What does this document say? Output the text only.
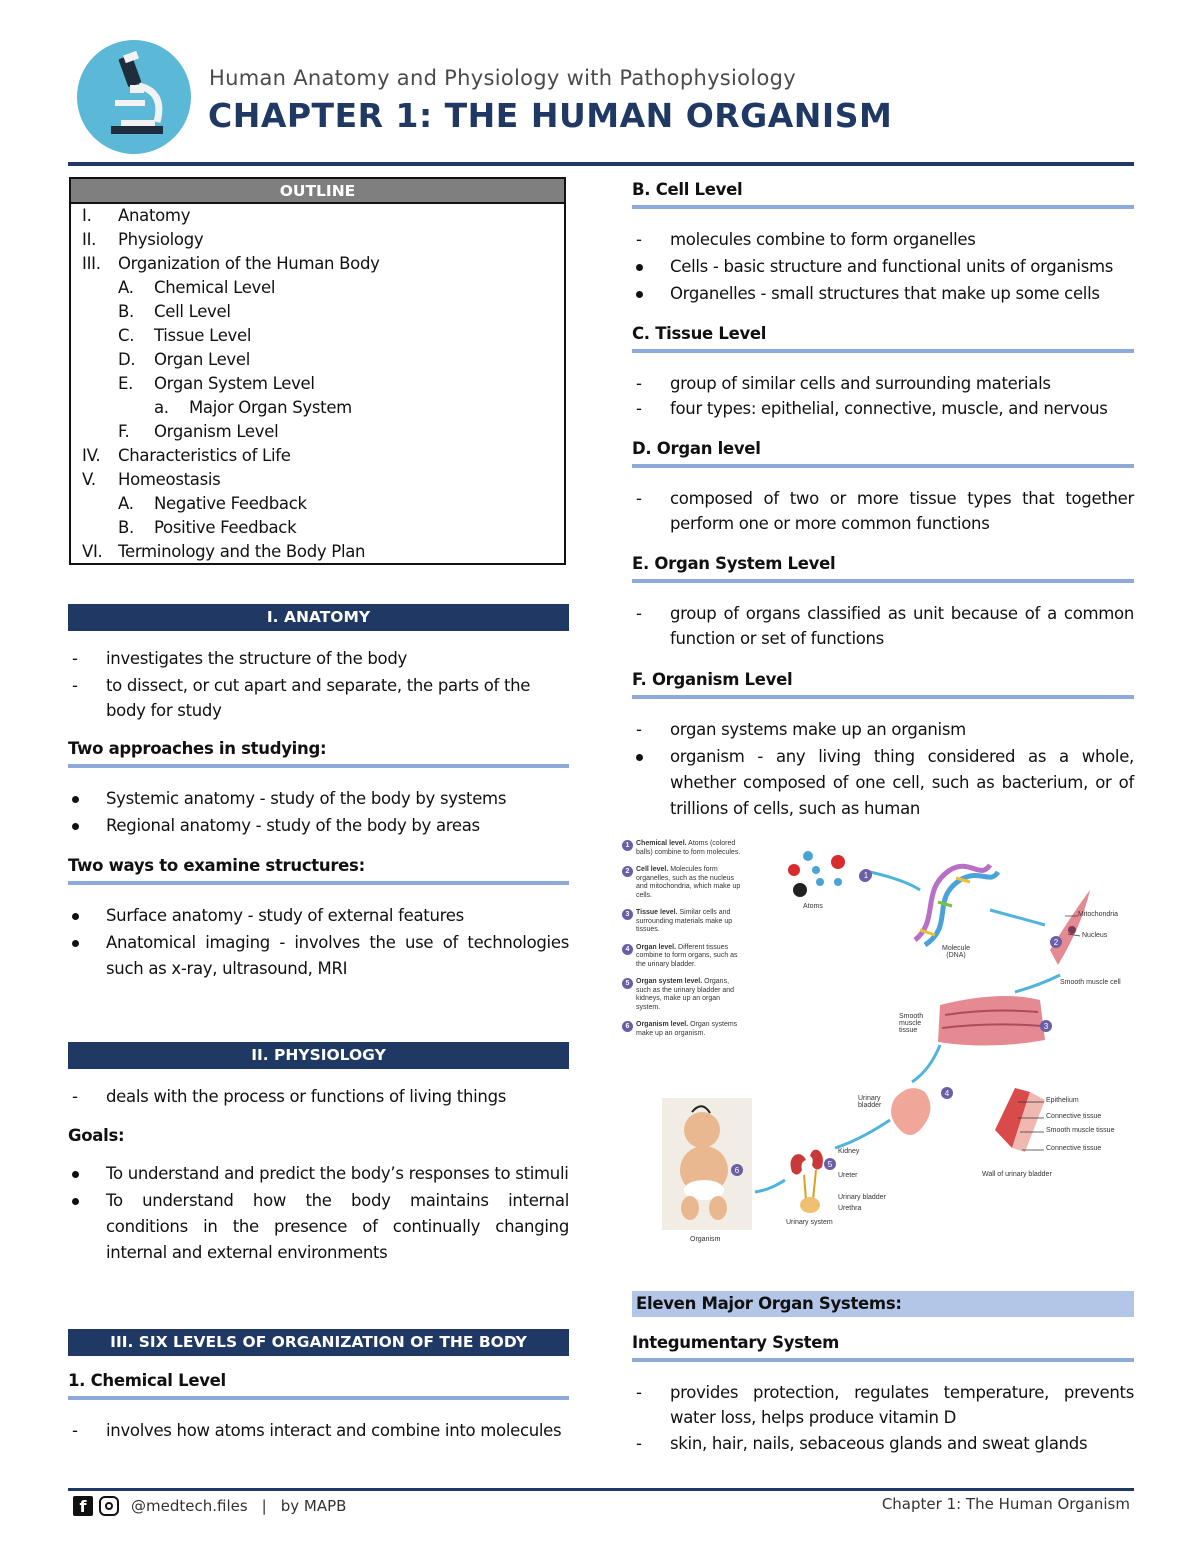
Human Anatomy and Physiology with Pathophysiology
CHAPTER 1: THE HUMAN ORGANISM
OUTLINE
I. Anatomy
II. Physiology
III. Organization of the Human Body
A. Chemical Level
B. Cell Level
C. Tissue Level
D. Organ Level
E. Organ System Level
a. Major Organ System
F. Organism Level
IV. Characteristics of Life
V. Homeostasis
A. Negative Feedback
B. Positive Feedback
VI. Terminology and the Body Plan
I. ANATOMY
- investigates the structure of the body
- to dissect, or cut apart and separate, the parts of the body for study
Two approaches in studying:
Systemic anatomy - study of the body by systems
Regional anatomy - study of the body by areas
Two ways to examine structures:
Surface anatomy - study of external features
Anatomical imaging - involves the use of technologies such as x-ray, ultrasound, MRI
II. PHYSIOLOGY
- deals with the process or functions of living things
Goals:
To understand and predict the body’s responses to stimuli
To understand how the body maintains internal conditions in the presence of continually changing internal and external environments
III. SIX LEVELS OF ORGANIZATION OF THE BODY
1. Chemical Level
- involves how atoms interact and combine into molecules
B. Cell Level
- molecules combine to form organelles
Cells - basic structure and functional units of organisms
Organelles - small structures that make up some cells
C. Tissue Level
- group of similar cells and surrounding materials
- four types: epithelial, connective, muscle, and nervous
D. Organ level
- composed of two or more tissue types that together perform one or more common functions
E. Organ System Level
- group of organs classified as unit because of a common function or set of functions
F. Organism Level
- organ systems make up an organism
organism - any living thing considered as a whole, whether composed of one cell, such as bacterium, or of trillions of cells, such as human
1 Chemical level. Atoms (colored balls) combine to form molecules.
2 Cell level. Molecules form organelles, such as the nucleus and mitochondria, which make up cells.
3 Tissue level. Similar cells and surrounding materials make up tissues.
4 Organ level. Different tissues combine to form organs, such as the urinary bladder.
5 Organ system level. Organs, such as the urinary bladder and kidneys, make up an organ system.
6 Organism level. Organ systems make up an organism.
1
2
3
4
5
6
Atoms
Molecule (DNA)
Mitochondria
Nucleus
Smooth muscle cell
Smooth muscle tissue
Urinary bladder
Epithelium
Connective tissue
Smooth muscle tissue
Connective tissue
Wall of urinary bladder
Kidney
Ureter
Urinary bladder
Urethra
Urinary system
Organism
Eleven Major Organ Systems:
Integumentary System
- provides protection, regulates temperature, prevents water loss, helps produce vitamin D
- skin, hair, nails, sebaceous glands and sweat glands
f	@medtech.files | by MAPB	Chapter 1: The Human Organism
